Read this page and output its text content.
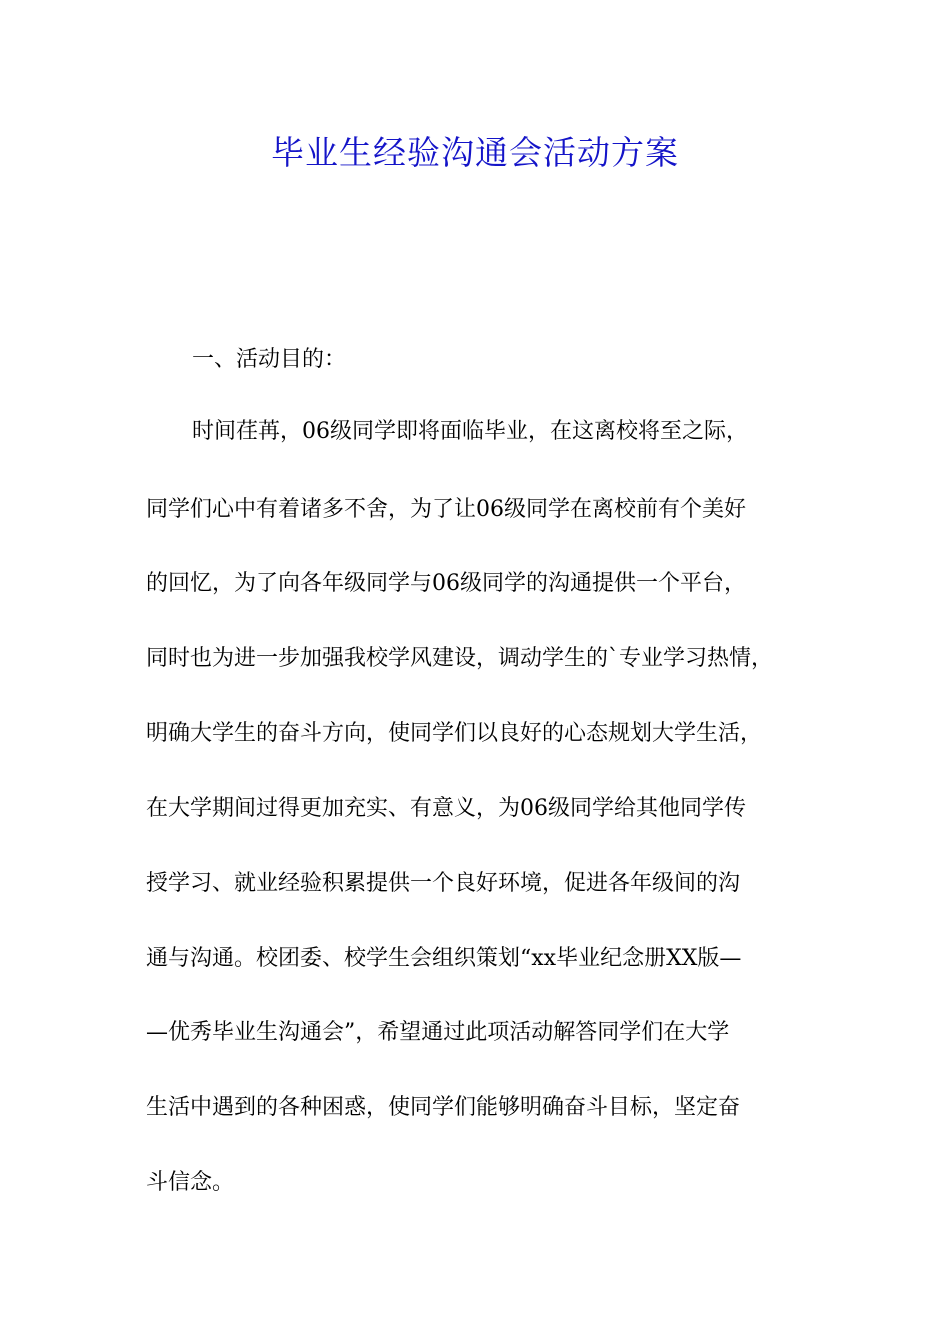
毕业生经验沟通会活动方案
一、活动目的：

时间荏苒，06级同学即将面临毕业，在这离校将至之际，

同学们心中有着诸多不舍，为了让06级同学在离校前有个美好

的回忆，为了向各年级同学与06级同学的沟通提供一个平台，

同时也为进一步加强我校学风建设，调动学生的`专业学习热情，

明确大学生的奋斗方向，使同学们以良好的心态规划大学生活，

在大学期间过得更加充实、有意义，为06级同学给其他同学传

授学习、就业经验积累提供一个良好环境，促进各年级间的沟

通与沟通。校团委、校学生会组织策划“xx毕业纪念册XX版—

—优秀毕业生沟通会”，希望通过此项活动解答同学们在大学

生活中遇到的各种困惑，使同学们能够明确奋斗目标，坚定奋

斗信念。
